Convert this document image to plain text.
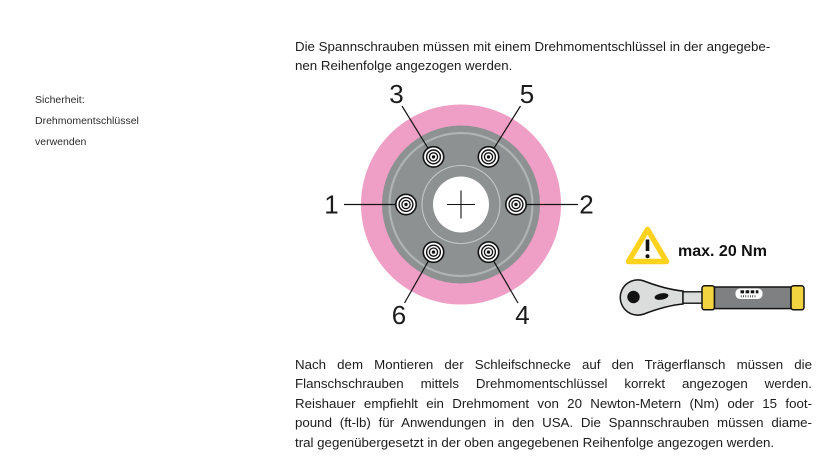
Sicherheit:
Drehmomentschlüssel
verwenden
Die Spannschrauben müssen mit einem Drehmomentschlüssel in der angegebe-
nen Reihenfolge angezogen werden.
1	2
3
4
5
6
max. 20 Nm
Nach dem Montieren der Schleifschnecke auf den Trägerflansch müssen die
Flanschschrauben mittels Drehmomentschlüssel korrekt angezogen werden.
Reishauer empfiehlt ein Drehmoment von 20 Newton-Metern (Nm) oder 15 foot-
pound (ft-lb) für Anwendungen in den USA. Die Spannschrauben müssen diame-
tral gegenübergesetzt in der oben angegebenen Reihenfolge angezogen werden.
